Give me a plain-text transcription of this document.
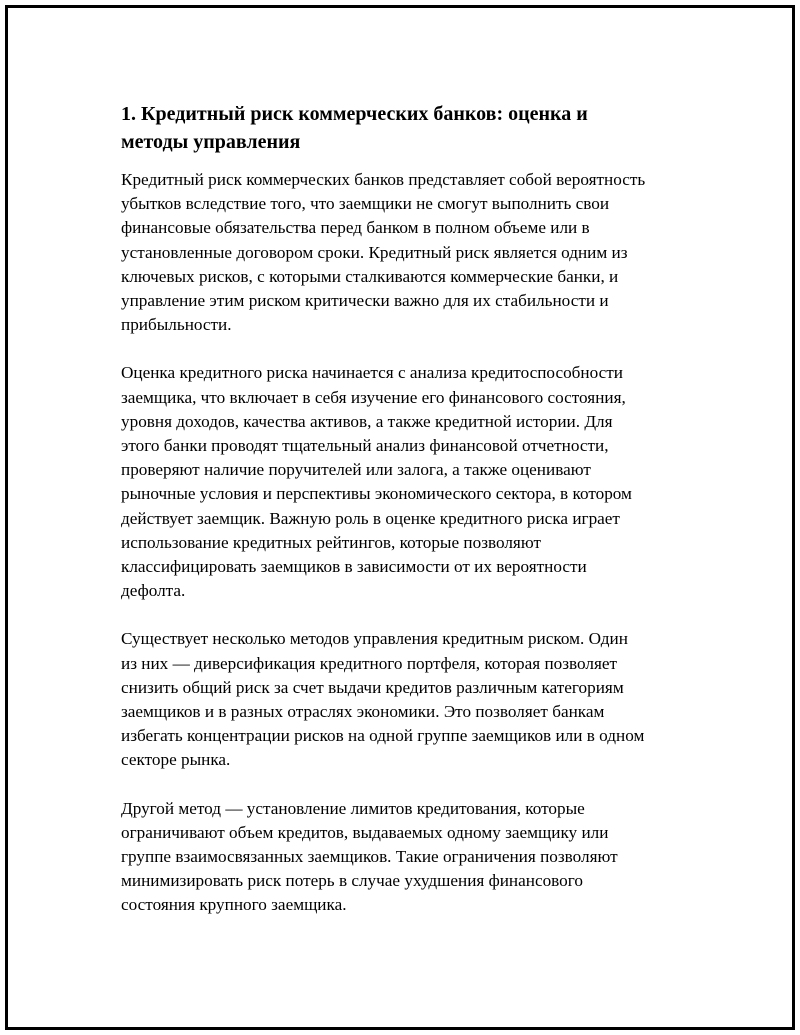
1. Кредитный риск коммерческих банков: оценка и
методы управления

Кредитный риск коммерческих банков представляет собой вероятность
убытков вследствие того, что заемщики не смогут выполнить свои
финансовые обязательства перед банком в полном объеме или в
установленные договором сроки. Кредитный риск является одним из
ключевых рисков, с которыми сталкиваются коммерческие банки, и
управление этим риском критически важно для их стабильности и
прибыльности.

Оценка кредитного риска начинается с анализа кредитоспособности
заемщика, что включает в себя изучение его финансового состояния,
уровня доходов, качества активов, а также кредитной истории. Для
этого банки проводят тщательный анализ финансовой отчетности,
проверяют наличие поручителей или залога, а также оценивают
рыночные условия и перспективы экономического сектора, в котором
действует заемщик. Важную роль в оценке кредитного риска играет
использование кредитных рейтингов, которые позволяют
классифицировать заемщиков в зависимости от их вероятности
дефолта.

Существует несколько методов управления кредитным риском. Один
из них — диверсификация кредитного портфеля, которая позволяет
снизить общий риск за счет выдачи кредитов различным категориям
заемщиков и в разных отраслях экономики. Это позволяет банкам
избегать концентрации рисков на одной группе заемщиков или в одном
секторе рынка.

Другой метод — установление лимитов кредитования, которые
ограничивают объем кредитов, выдаваемых одному заемщику или
группе взаимосвязанных заемщиков. Такие ограничения позволяют
минимизировать риск потерь в случае ухудшения финансового
состояния крупного заемщика.
